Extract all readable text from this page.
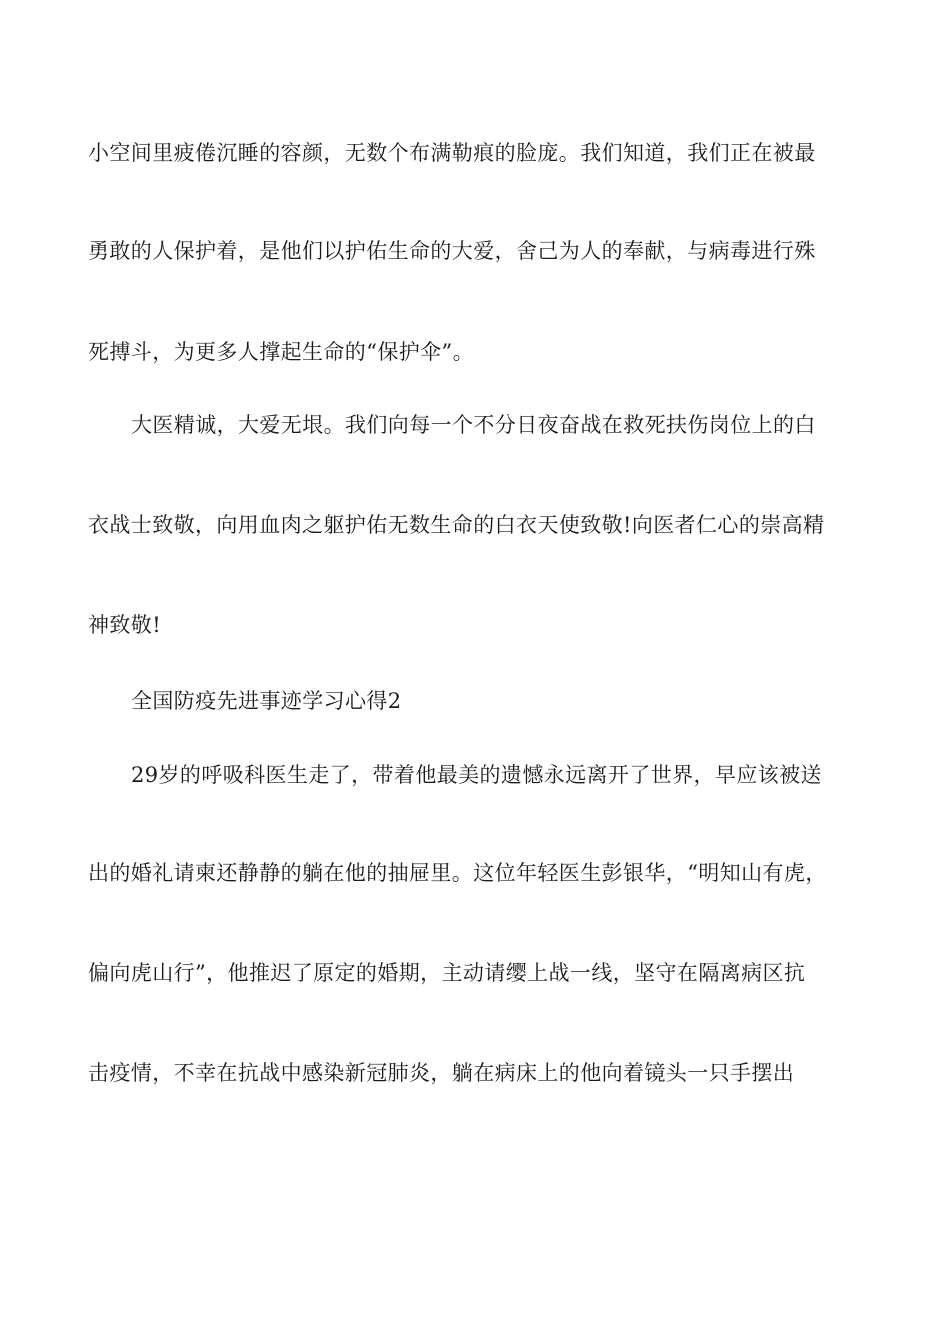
小空间里疲倦沉睡的容颜，无数个布满勒痕的脸庞。我们知道，我们正在被最
勇敢的人保护着，是他们以护佑生命的大爱，舍己为人的奉献，与病毒进行殊
死搏斗，为更多人撑起生命的“保护伞”。
大医精诚，大爱无垠。我们向每一个不分日夜奋战在救死扶伤岗位上的白
衣战士致敬，向用血肉之躯护佑无数生命的白衣天使致敬!向医者仁心的崇高精
神致敬!
全国防疫先进事迹学习心得2
29岁的呼吸科医生走了，带着他最美的遗憾永远离开了世界，早应该被送
出的婚礼请柬还静静的躺在他的抽屉里。这位年轻医生彭银华，“明知山有虎，
偏向虎山行”，他推迟了原定的婚期，主动请缨上战一线，坚守在隔离病区抗
击疫情，不幸在抗战中感染新冠肺炎，躺在病床上的他向着镜头一只手摆出
